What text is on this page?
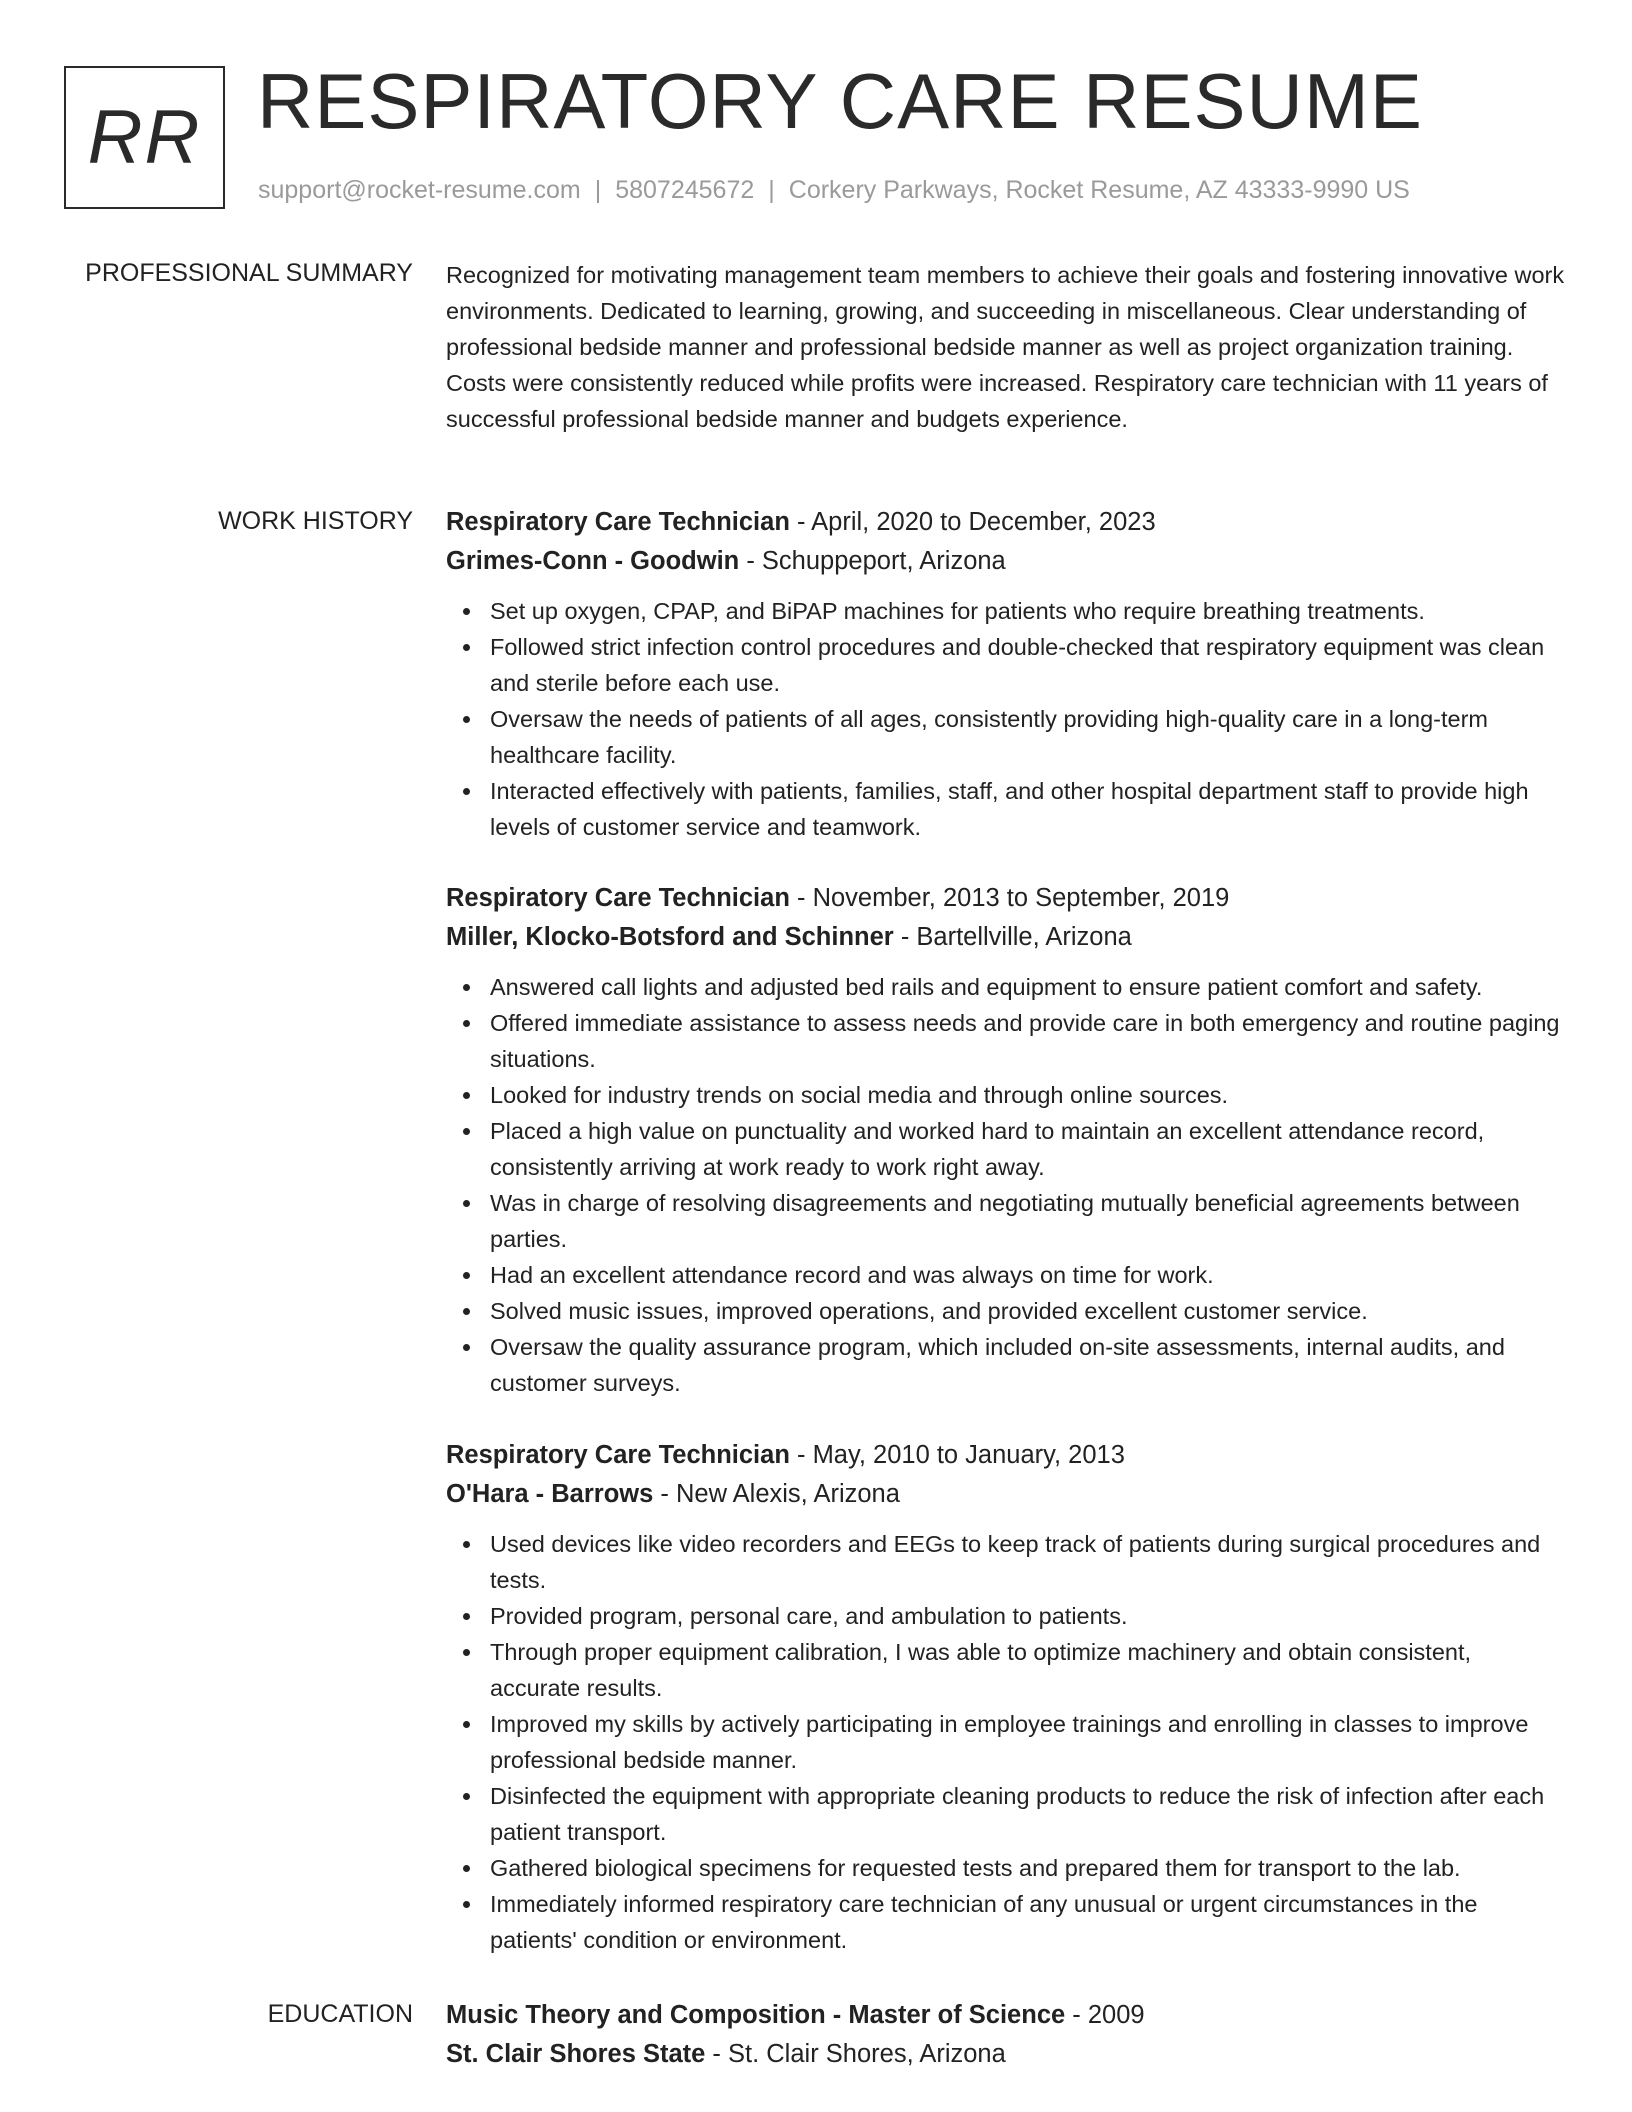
RR RESPIRATORY CARE RESUME
support@rocket-resume.com | 5807245672 | Corkery Parkways, Rocket Resume, AZ 43333-9990 US
PROFESSIONAL SUMMARY Recognized for motivating management team members to achieve their goals and fostering innovative work environments. Dedicated to learning, growing, and succeeding in miscellaneous. Clear understanding of professional bedside manner and professional bedside manner as well as project organization training. Costs were consistently reduced while profits were increased. Respiratory care technician with 11 years of successful professional bedside manner and budgets experience.
WORK HISTORY Respiratory Care Technician - April, 2020 to December, 2023
Grimes-Conn - Goodwin - Schuppeport, Arizona
Set up oxygen, CPAP, and BiPAP machines for patients who require breathing treatments.
Followed strict infection control procedures and double-checked that respiratory equipment was clean and sterile before each use.
Oversaw the needs of patients of all ages, consistently providing high-quality care in a long-term healthcare facility.
Interacted effectively with patients, families, staff, and other hospital department staff to provide high levels of customer service and teamwork.
Respiratory Care Technician - November, 2013 to September, 2019
Miller, Klocko-Botsford and Schinner - Bartellville, Arizona
Answered call lights and adjusted bed rails and equipment to ensure patient comfort and safety.
Offered immediate assistance to assess needs and provide care in both emergency and routine paging situations.
Looked for industry trends on social media and through online sources.
Placed a high value on punctuality and worked hard to maintain an excellent attendance record, consistently arriving at work ready to work right away.
Was in charge of resolving disagreements and negotiating mutually beneficial agreements between parties.
Had an excellent attendance record and was always on time for work.
Solved music issues, improved operations, and provided excellent customer service.
Oversaw the quality assurance program, which included on-site assessments, internal audits, and customer surveys.
Respiratory Care Technician - May, 2010 to January, 2013
O'Hara - Barrows - New Alexis, Arizona
Used devices like video recorders and EEGs to keep track of patients during surgical procedures and tests.
Provided program, personal care, and ambulation to patients.
Through proper equipment calibration, I was able to optimize machinery and obtain consistent, accurate results.
Improved my skills by actively participating in employee trainings and enrolling in classes to improve professional bedside manner.
Disinfected the equipment with appropriate cleaning products to reduce the risk of infection after each patient transport.
Gathered biological specimens for requested tests and prepared them for transport to the lab.
Immediately informed respiratory care technician of any unusual or urgent circumstances in the patients' condition or environment.
EDUCATION Music Theory and Composition - Master of Science - 2009
St. Clair Shores State - St. Clair Shores, Arizona
